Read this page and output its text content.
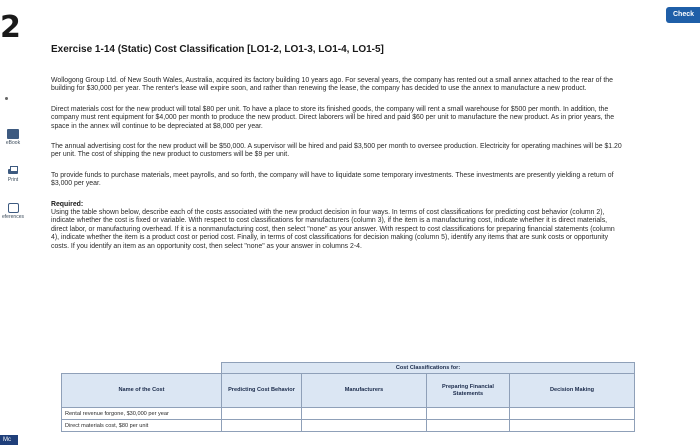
2	Check
eBook
Print
eferences
Mc
Exercise 1-14 (Static) Cost Classification [LO1-2, LO1-3, LO1-4, LO1-5]

Wollogong Group Ltd. of New South Wales, Australia, acquired its factory building 10 years ago. For several years, the company has rented out a small annex attached to the rear of the building for $30,000 per year. The renter's lease will expire soon, and rather than renewing the lease, the company has decided to use the annex to manufacture a new product.

Direct materials cost for the new product will total $80 per unit. To have a place to store its finished goods, the company will rent a small warehouse for $500 per month. In addition, the company must rent equipment for $4,000 per month to produce the new product. Direct laborers will be hired and paid $60 per unit to manufacture the new product. As in prior years, the space in the annex will continue to be depreciated at $8,000 per year.

The annual advertising cost for the new product will be $50,000. A supervisor will be hired and paid $3,500 per month to oversee production. Electricity for operating machines will be $1.20 per unit. The cost of shipping the new product to customers will be $9 per unit.

To provide funds to purchase materials, meet payrolls, and so forth, the company will have to liquidate some temporary investments. These investments are presently yielding a return of $3,000 per year.

Required:

Using the table shown below, describe each of the costs associated with the new product decision in four ways. In terms of cost classifications for predicting cost behavior (column 2), indicate whether the cost is fixed or variable. With respect to cost classifications for manufacturers (column 3), if the item is a manufacturing cost, indicate whether it is direct materials, direct labor, or manufacturing overhead. If it is a nonmanufacturing cost, then select "none" as your answer. With respect to cost classifications for preparing financial statements (column 4), indicate whether the item is a product cost or period cost. Finally, in terms of cost classifications for decision making (column 5), identify any items that are sunk costs or opportunity costs. If you identify an item as an opportunity cost, then select "none" as your answer in columns 2-4.

	Cost Classifications for:			
Name of the Cost	Predicting Cost Behavior	Manufacturers	Preparing Financial Statements	Decision Making
Rental revenue forgone, $30,000 per year				
Direct materials cost, $80 per unit				
